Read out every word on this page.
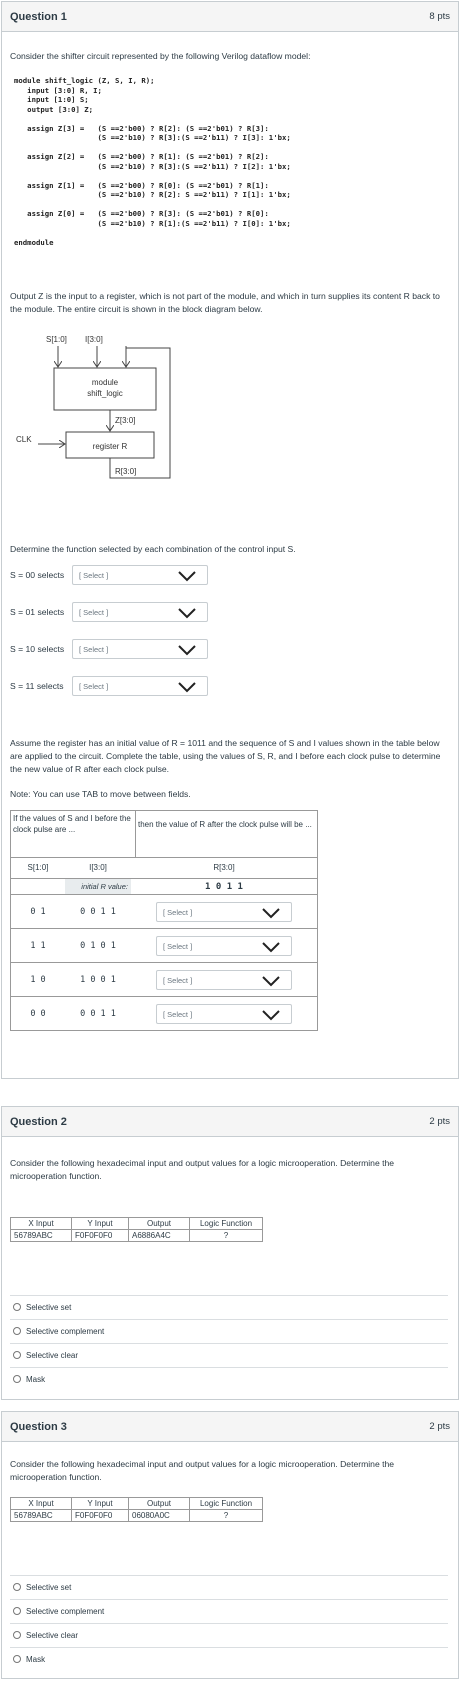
Question 1	8 pts
Consider the shifter circuit represented by the following Verilog dataflow model:
module shift_logic (Z, S, I, R);
input [3:0] R, I;
input [1:0] S;
output [3:0] Z;

assign Z[3] =   (S ==2'b00) ? R[2]: (S ==2'b01) ? R[3]:
(S ==2'b10) ? R[3]:(S ==2'b11) ? I[3]: 1'bx;

assign Z[2] =   (S ==2'b00) ? R[1]: (S ==2'b01) ? R[2]:
(S ==2'b10) ? R[3]:(S ==2'b11) ? I[2]: 1'bx;

assign Z[1] =   (S ==2'b00) ? R[0]: (S ==2'b01) ? R[1]:
(S ==2'b10) ? R[2]: S ==2'b11) ? I[1]: 1'bx;

assign Z[0] =   (S ==2'b00) ? R[3]: (S ==2'b01) ? R[0]:
(S ==2'b10) ? R[1]:(S ==2'b11) ? I[0]: 1'bx;

endmodule
Output Z is the input to a register, which is not part of the module, and which in turn supplies its content R back to the module. The entire circuit is shown in the block diagram below.
S[1:0] I[3:0]
module
shift_logic
Z[3:0]
register R
CLK
R[3:0]
Determine the function selected by each combination of the control input S.
S = 00 selects	[ Select ]
S = 01 selects	[ Select ]
S = 10 selects	[ Select ]
S = 11 selects	[ Select ]
Assume the register has an initial value of R = 1011 and the sequence of S and I values shown in the table below are applied to the circuit. Complete the table, using the values of S, R, and I before each clock pulse to determine the new value of R after each clock pulse.
Note: You can use TAB to move between fields.
If the values of S and I before the clock pulse are ...
then the value of R after the clock pulse will be ...
S[1:0]	I[3:0]	R[3:0]
initial R value:	1 0 1 1
0 1	0 0 1 1	[ Select ]
1 1	0 1 0 1	[ Select ]
1 0	1 0 0 1	[ Select ]
0 0	0 0 1 1	[ Select ]
Question 2	2 pts
Consider the following hexadecimal input and output values for a logic microoperation. Determine the microoperation function.
X Input	Y Input	Output	Logic Function
56789ABC	F0F0F0F0	A6886A4C	?
Selective set
Selective complement
Selective clear
Mask
Question 3	2 pts
Consider the following hexadecimal input and output values for a logic microoperation. Determine the microoperation function.
X Input	Y Input	Output	Logic Function
56789ABC	F0F0F0F0	06080A0C	?
Selective set
Selective complement
Selective clear
Mask
